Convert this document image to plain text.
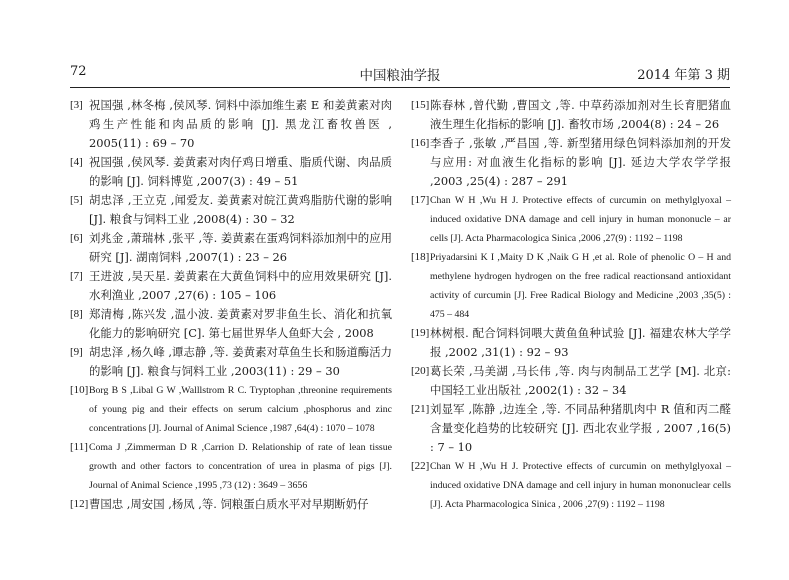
72	中国粮油学报	2014 年第 3 期

[3] 祝国强 ,林冬梅 ,侯风琴. 饲料中添加维生素 E 和姜黄素对肉鸡生产性能和肉品质的影响 [J]. 黑龙江畜牧兽医 , 2005(11) : 69 – 70

[4] 祝国强 ,侯风琴. 姜黄素对肉仔鸡日增重、脂质代谢、肉品质的影响 [J]. 饲料博览 ,2007(3) : 49 – 51

[5] 胡忠泽 ,王立克 ,闻爱友. 姜黄素对皖江黄鸡脂肪代谢的影响 [J]. 粮食与饲料工业 ,2008(4) : 30 – 32

[6] 刘兆金 ,萧瑞林 ,张平 ,等. 姜黄素在蛋鸡饲料添加剂中的应用研究 [J]. 湖南饲料 ,2007(1) : 23 – 26

[7] 王进波 ,吴天星. 姜黄素在大黄鱼饲料中的应用效果研究 [J]. 水利渔业 ,2007 ,27(6) : 105 – 106

[8] 郑清梅 ,陈兴发 ,温小波. 姜黄素对罗非鱼生长、消化和抗氧化能力的影响研究 [C]. 第七届世界华人鱼虾大会 , 2008

[9] 胡忠泽 ,杨久峰 ,谭志静 ,等. 姜黄素对草鱼生长和肠道酶活力的影响 [J]. 粮食与饲料工业 ,2003(11) : 29 – 30

[10] Borg B S ,Libal G W ,Walllstrom R C. Tryptophan ,threonine requirements of young pig and their effects on serum calcium ,phosphorus and zinc concentrations [J]. Journal of Animal Science ,1987 ,64(4) : 1070 – 1078

[11] Coma J ,Zimmerman D R ,Carrion D. Relationship of rate of lean tissue growth and other factors to concentration of urea in plasma of pigs [J]. Journal of Animal Science ,1995 ,73 (12) : 3649 – 3656

[12] 曹国忠 ,周安国 ,杨凤 ,等. 饲粮蛋白质水平对早期断奶仔

[15] 陈春林 ,曾代勤 ,曹国文 ,等. 中草药添加剂对生长育肥猪血液生理生化指标的影响 [J]. 畜牧市场 ,2004(8) : 24 – 26

[16] 李香子 ,张敏 ,严昌国 ,等. 新型猪用绿色饲料添加剂的开发与应用: 对血液生化指标的影响 [J]. 延边大学农学学报 ,2003 ,25(4) : 287 – 291

[17] Chan W H ,Wu H J. Protective effects of curcumin on methylglyoxal – induced oxidative DNA damage and cell injury in human mononucle – ar cells [J]. Acta Pharmacologica Sinica ,2006 ,27(9) : 1192 – 1198

[18] Priyadarsini K I ,Maity D K ,Naik G H ,et al. Role of phenolic O – H and methylene hydrogen hydrogen on the free radical reactionsand antioxidant activity of curcumin [J]. Free Radical Biology and Medicine ,2003 ,35(5) : 475 – 484

[19] 林树根. 配合饲料饲喂大黄鱼鱼种试验 [J]. 福建农林大学学报 ,2002 ,31(1) : 92 – 93

[20] 葛长荣 ,马美湖 ,马长伟 ,等. 肉与肉制品工艺学 [M]. 北京: 中国轻工业出版社 ,2002(1) : 32 – 34

[21] 刘显军 ,陈静 ,边连全 ,等. 不同品种猪肌肉中 R 值和丙二醛含量变化趋势的比较研究 [J]. 西北农业学报 , 2007 ,16(5) : 7 – 10

[22] Chan W H ,Wu H J. Protective effects of curcumin on methylglyoxal – induced oxidative DNA damage and cell injury in human mononuclear cells [J]. Acta Pharmacologica Sinica , 2006 ,27(9) : 1192 – 1198
